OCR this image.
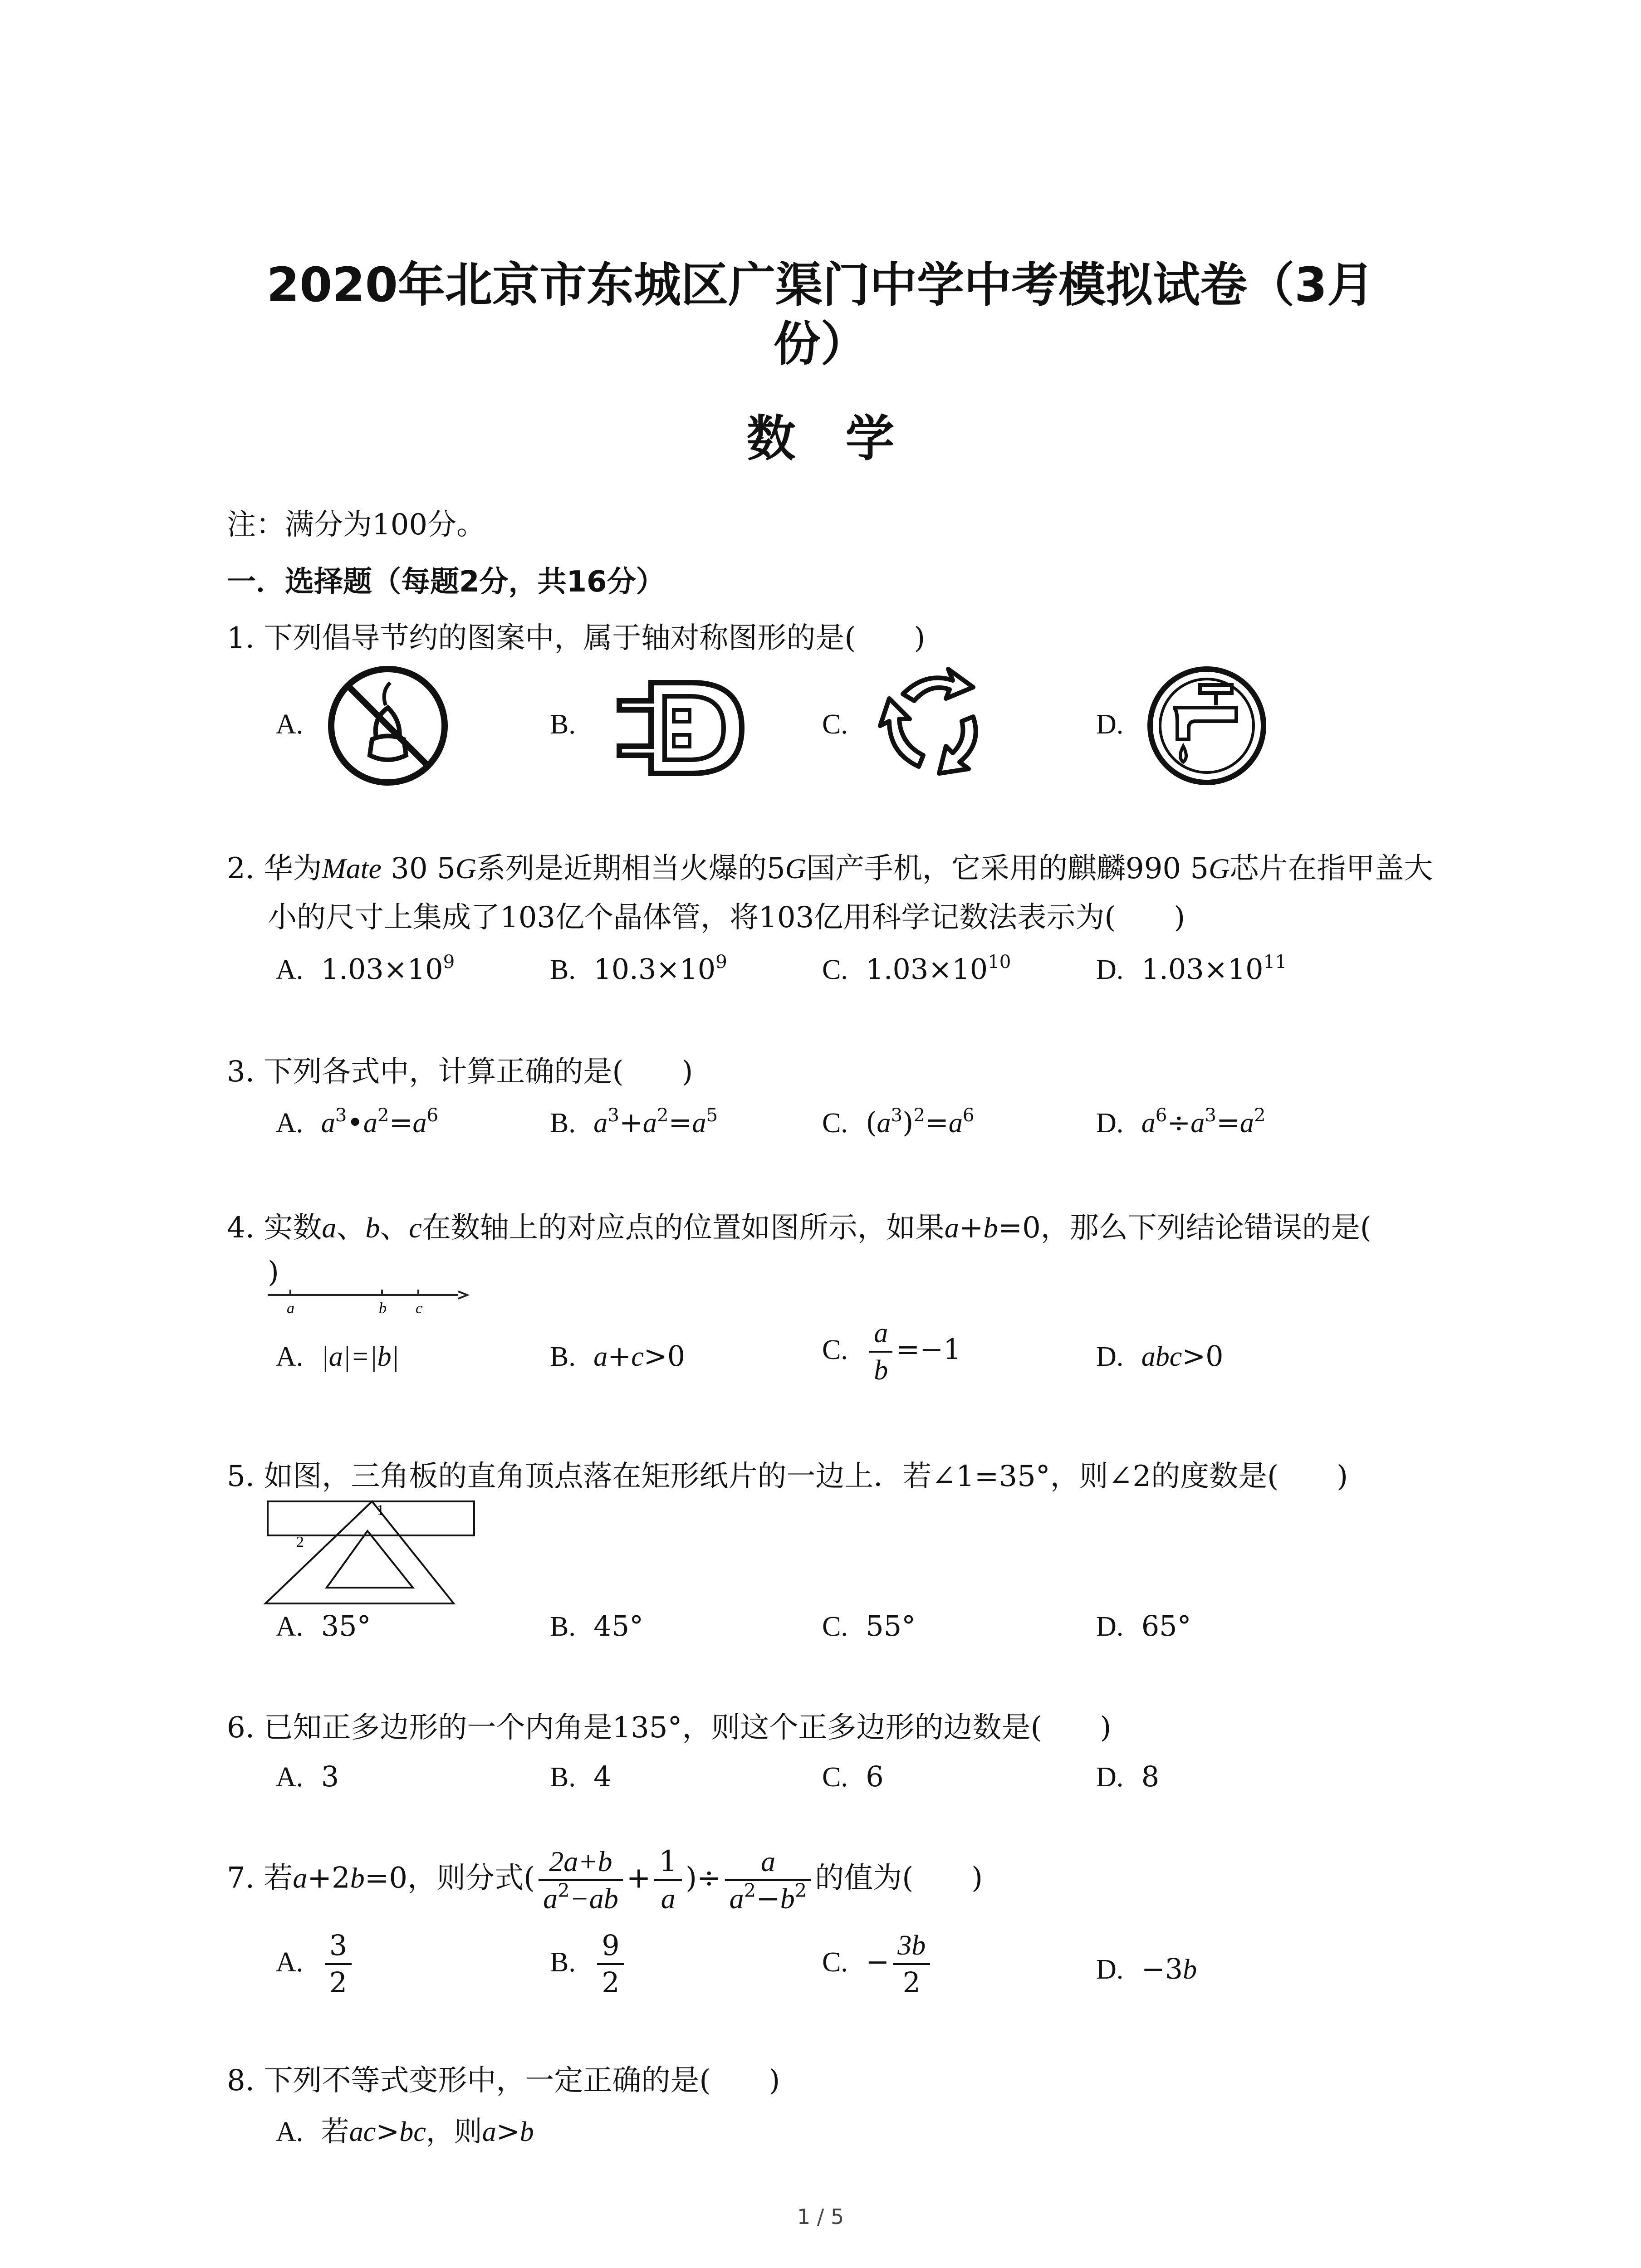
2020年北京市东城区广渠门中学中考模拟试卷（3月
份）
数学
注：满分为100分。
一．选择题（每题2分，共16分）
1. 下列倡导节约的图案中，属于轴对称图形的是(　　)
A.	B.	C.	D.
2. 华为Mate 30 5G系列是近期相当火爆的5G国产手机，它采用的麒麟990 5G芯片在指甲盖大
小的尺寸上集成了103亿个晶体管，将103亿用科学记数法表示为(　　)
A. $1.03\times 10^9$	B. $10.3\times 10^9$	C. $1.03\times 10^{10}$	D. $1.03\times 10^{11}$
3. 下列各式中，计算正确的是(　　)
A. $a^3•a^2=a^6$	B. $a^3+a^2=a^5$	C. $(a^3)^2=a^6$	D. $a^6\div a^3=a^2$
4. 实数a、b、c在数轴上的对应点的位置如图所示，如果a+b=0，那么下列结论错误的是(
)
a	b c
A. |a|=|b|	B. a+c>0	C. $\frac{a}{b} =-1$	D. abc>0
5. 如图，三角板的直角顶点落在矩形纸片的一边上．若∠1=35°，则∠2的度数是(　　)
1
2
A. 35°	B. 45°	C. 55°	D. 65°
6. 已知正多边形的一个内角是135°，则这个正多边形的边数是(　　)
A. 3	B. 4	C. 6	D. 8
7. 若a+2b=0，则分式( $\frac{2a+b}{a^2-ab} + \frac{1}{a}$ )÷ $\frac{a}{a^2-b^2}$ 的值为(　　)
A. $\frac{3}{2}$	B. $\frac{9}{2}$	C. − $\frac{3b}{2}$	D. −3b
8. 下列不等式变形中，一定正确的是(　　)
A. 若ac>bc，则a>b
1 / 5
